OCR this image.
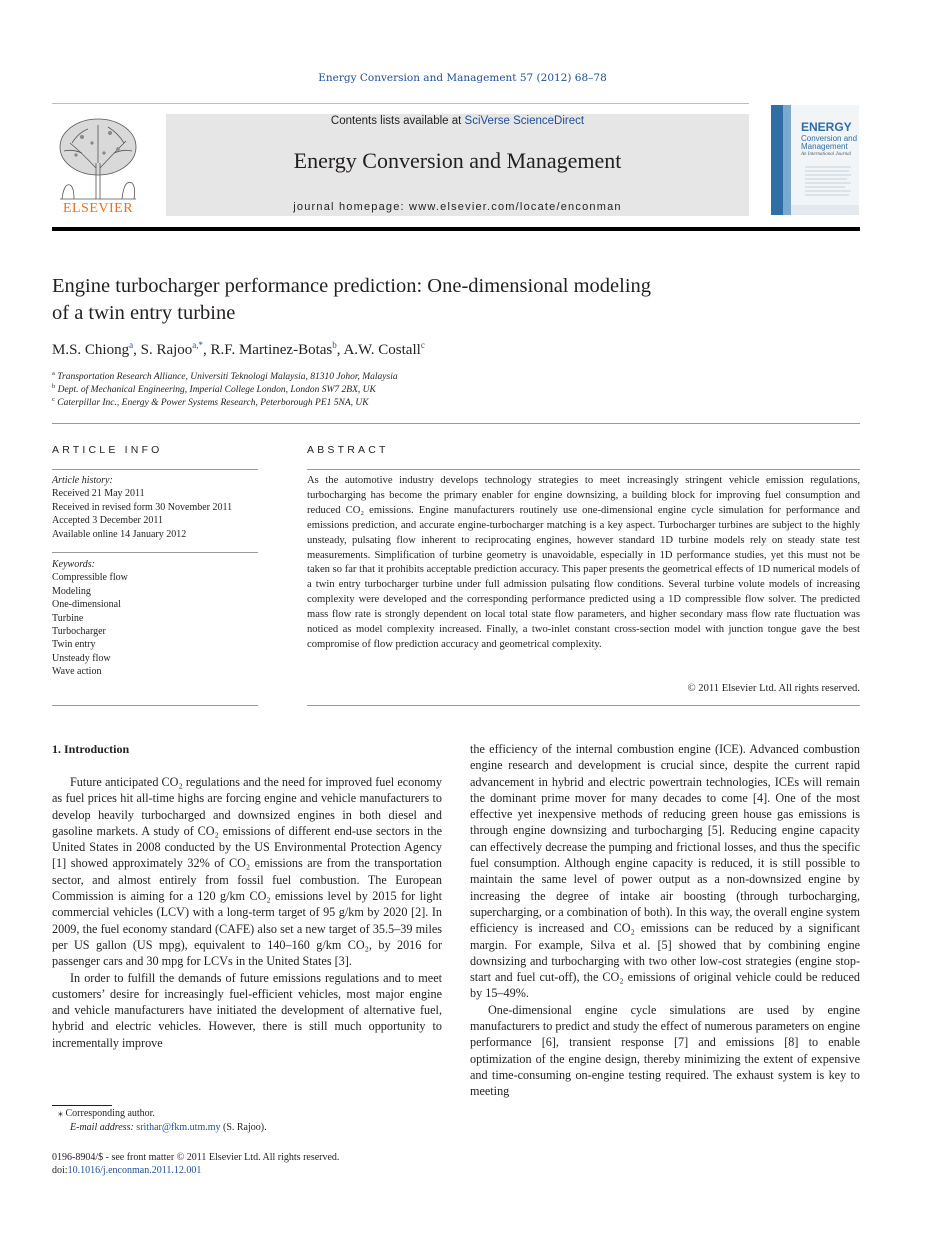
Energy Conversion and Management 57 (2012) 68–78
ELSEVIER
Contents lists available at SciVerse ScienceDirect
Energy Conversion and Management
journal homepage: www.elsevier.com/locate/enconman
ENERGY
Conversion and
Management
An International Journal
Engine turbocharger performance prediction: One-dimensional modeling
of a twin entry turbine
M.S. Chiong$^a$, S. Rajoo$^{a,*}$, R.F. Martinez-Botas$^b$, A.W. Costall$^c$
$^a$ Transportation Research Alliance, Universiti Teknologi Malaysia, 81310 Johor, Malaysia
$^b$ Dept. of Mechanical Engineering, Imperial College London, London SW7 2BX, UK
$^c$ Caterpillar Inc., Energy & Power Systems Research, Peterborough PE1 5NA, UK
ARTICLE INFO
Article history:
Received 21 May 2011
Received in revised form 30 November 2011
Accepted 3 December 2011
Available online 14 January 2012
Keywords:
Compressible flow
Modeling
One-dimensional
Turbine
Turbocharger
Twin entry
Unsteady flow
Wave action
ABSTRACT
As the automotive industry develops technology strategies to meet increasingly stringent vehicle emission regulations, turbocharging has become the primary enabler for engine downsizing, a building block for improving fuel consumption and reduced CO₂ emissions. Engine manufacturers routinely use one-dimensional engine cycle simulation for performance and emissions prediction, and accurate engine-turbocharger matching is a key aspect. Turbocharger turbines are subject to the highly unsteady, pulsating flow inherent to reciprocating engines, however standard 1D turbine models rely on steady state test measurements. Simplification of turbine geometry is unavoidable, especially in 1D performance studies, yet this must not be taken so far that it prohibits acceptable prediction accuracy. This paper presents the geometrical effects of 1D numerical models of a twin entry turbocharger turbine under full admission pulsating flow conditions. Several turbine volute models of increasing complexity were developed and the corresponding performance predicted using a 1D compressible flow solver. The predicted mass flow rate is strongly dependent on local total state flow parameters, and higher secondary mass flow rate fluctuation was noticed as model complexity increased. Finally, a two-inlet constant cross-section model with junction tongue gave the best compromise of flow prediction accuracy and geometrical complexity.
© 2011 Elsevier Ltd. All rights reserved.
1. Introduction

Future anticipated CO₂ regulations and the need for improved fuel economy as fuel prices hit all-time highs are forcing engine and vehicle manufacturers to develop heavily turbocharged and downsized engines in both diesel and gasoline markets. A study of CO₂ emissions of different end-use sectors in the United States in 2008 conducted by the US Environmental Protection Agency [1] showed approximately 32% of CO₂ emissions are from the transportation sector, and almost entirely from fossil fuel combustion. The European Commission is aiming for a 120 g/km CO₂ emissions level by 2015 for light commercial vehicles (LCV) with a long-term target of 95 g/km by 2020 [2]. In 2009, the fuel economy standard (CAFE) also set a new target of 35.5–39 miles per US gallon (US mpg), equivalent to 140–160 g/km CO₂, by 2016 for passenger cars and 30 mpg for LCVs in the United States [3].

In order to fulfill the demands of future emissions regulations and to meet customers’ desire for increasingly fuel-efficient vehicles, most major engine and vehicle manufacturers have initiated the development of alternative fuel, hybrid and electric vehicles. However, there is still much opportunity to incrementally improve

the efficiency of the internal combustion engine (ICE). Advanced combustion engine research and development is crucial since, despite the current rapid advancement in hybrid and electric powertrain technologies, ICEs will remain the dominant prime mover for many decades to come [4]. One of the most effective yet inexpensive methods of reducing green house gas emissions is through engine downsizing and turbocharging [5]. Reducing engine capacity can effectively decrease the pumping and frictional losses, and thus the specific fuel consumption. Although engine capacity is reduced, it is still possible to maintain the same level of power output as a non-downsized engine by increasing the degree of intake air boosting (through turbocharging, supercharging, or a combination of both). In this way, the overall engine system efficiency is increased and CO₂ emissions can be reduced by a significant margin. For example, Silva et al. [5] showed that by combining engine downsizing and turbocharging with two other low-cost strategies (engine stop-start and fuel cut-off), the CO₂ emissions of original vehicle could be reduced by 15–49%.

One-dimensional engine cycle simulations are used by engine manufacturers to predict and study the effect of numerous parameters on engine performance [6], transient response [7] and emissions [8] to enable optimization of the engine design, thereby minimizing the extent of expensive and time-consuming on-engine testing required. The exhaust system is key to meeting

⁎ Corresponding author.
E-mail address: srithar@fkm.utm.my (S. Rajoo).
0196-8904/$ - see front matter © 2011 Elsevier Ltd. All rights reserved.
doi:10.1016/j.enconman.2011.12.001
